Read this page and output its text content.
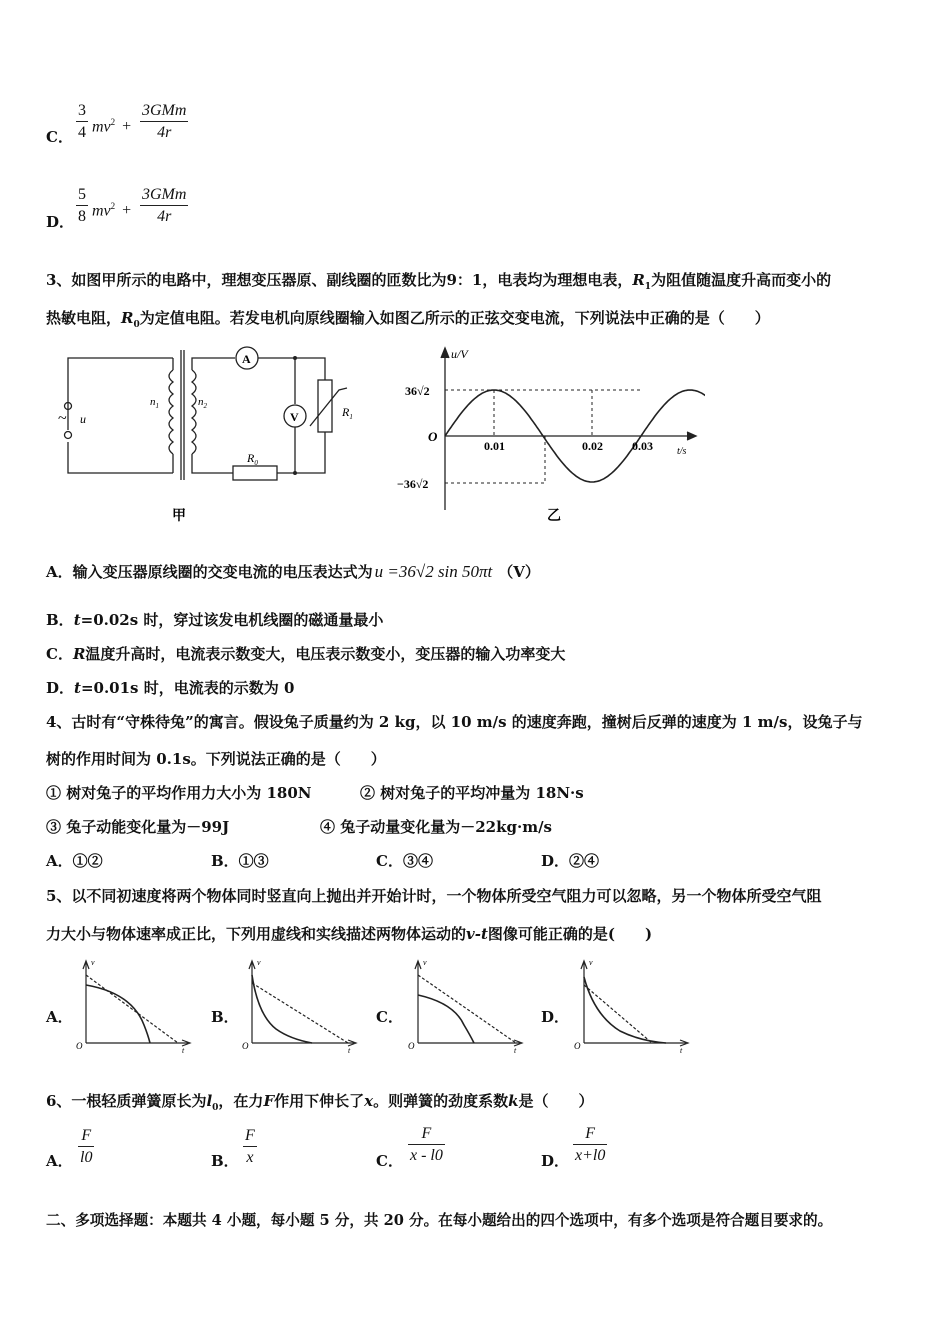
C．
3
4 $mv^2$ +
3GMm
4r
D．
5
8 $mv^2$ +
3GMm
4r
3、如图甲所示的电路中，理想变压器原、副线圈的匝数比为9：1，电表均为理想电表，$R_1$为阻值随温度升高而变小的
热敏电阻，$R_0$为定值电阻。若发电机向原线圈输入如图乙所示的正弦交变电流，下列说法中正确的是（　　）
~ u
$n_1$	$n_2$
A
V	$R_1$
$R_0$
甲
u/V
t/s
O
36√2
−36√2
0.01	0.02 0.03
乙
A．输入变压器原线圈的交变电流的电压表达式为 u =36√2 sin 50πt （V）
B．t=0.02s 时，穿过该发电机线圈的磁通量最小
C．R温度升高时，电流表示数变大，电压表示数变小，变压器的输入功率变大
D．t=0.01s 时，电流表的示数为 0
4、古时有“守株待兔”的寓言。假设兔子质量约为 2 kg，以 10 m/s 的速度奔跑，撞树后反弹的速度为 1 m/s，设兔子与
树的作用时间为 0.1s。下列说法正确的是（　　）
① 树对兔子的平均作用力大小为 180N	② 树对兔子的平均冲量为 18N·s
③ 兔子动能变化量为－99J	④ 兔子动量变化量为－22kg·m/s
A．①②	B．①③	C．③④	D．②④
5、以不同初速度将两个物体同时竖直向上抛出并开始计时，一个物体所受空气阻力可以忽略，另一个物体所受空气阻
力大小与物体速率成正比，下列用虚线和实线描述两物体运动的v-t图像可能正确的是(　　)
A．	B．	C．	D．
v
t
O
v
t
O
v
t
O
v
t
O
6、一根轻质弹簧原长为$l_0$，在力F作用下伸长了x。则弹簧的劲度系数k是（　　）
A．
F
l0	B．
F
x	C．
F
x - l0	D．
F
x+l0
二、多项选择题：本题共 4 小题，每小题 5 分，共 20 分。在每小题给出的四个选项中，有多个选项是符合题目要求的。
